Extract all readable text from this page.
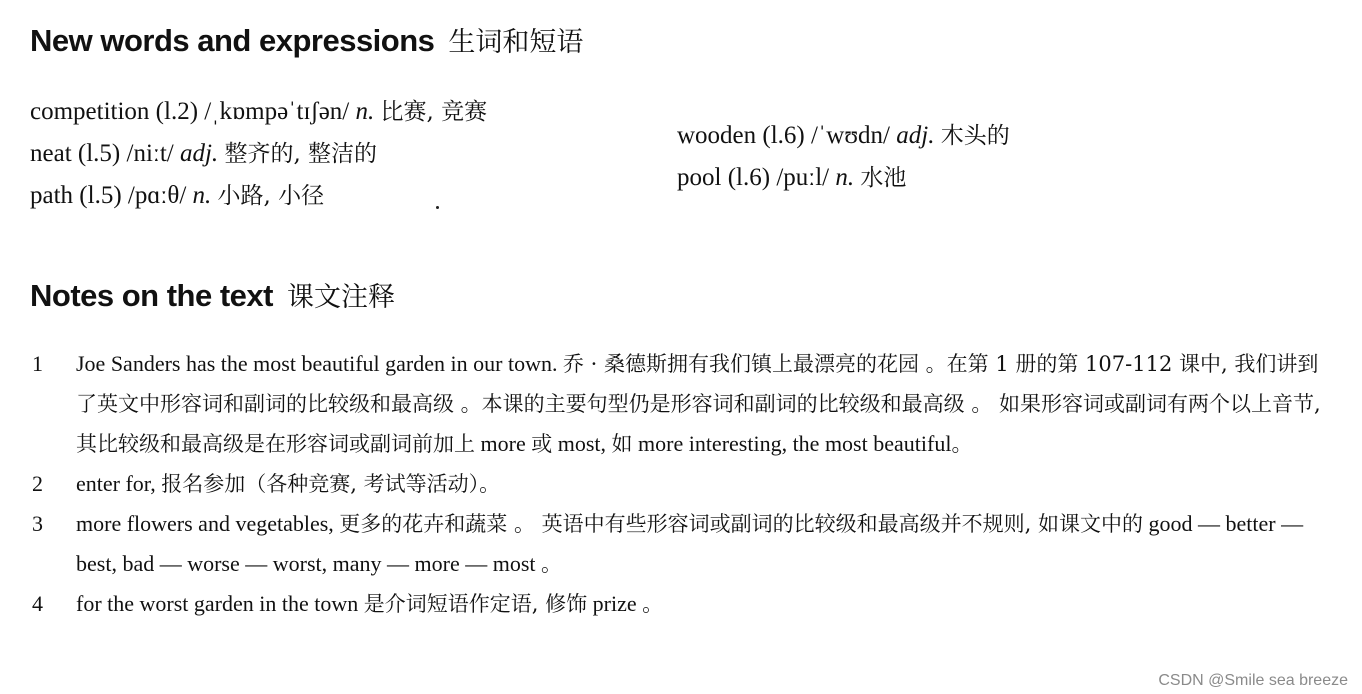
New words and expressions 生词和短语
competition (l.2) /ˌkɒmpəˈtɪʃən/ n. 比赛, 竞赛
neat (l.5) /niːt/ adj. 整齐的, 整洁的
path (l.5) /pɑːθ/ n. 小路, 小径
wooden (l.6) /ˈwʊdn/ adj. 木头的
pool (l.6) /puːl/ n. 水池
Notes on the text 课文注释
1 Joe Sanders has the most beautiful garden in our town. 乔 · 桑德斯拥有我们镇上最漂亮的花园 。在第 1 册的第 107-112 课中, 我们讲到了英文中形容词和副词的比较级和最高级 。本课的主要句型仍是形容词和副词的比较级和最高级 。 如果形容词或副词有两个以上音节, 其比较级和最高级是在形容词或副词前加上 more 或 most, 如 more interesting, the most beautiful。
2 enter for, 报名参加（各种竞赛, 考试等活动）。
3 more flowers and vegetables, 更多的花卉和蔬菜 。 英语中有些形容词或副词的比较级和最高级并不规则, 如课文中的 good — better — best, bad — worse — worst, many — more — most 。
4 for the worst garden in the town 是介词短语作定语, 修饰 prize 。
CSDN @Smile sea breeze
